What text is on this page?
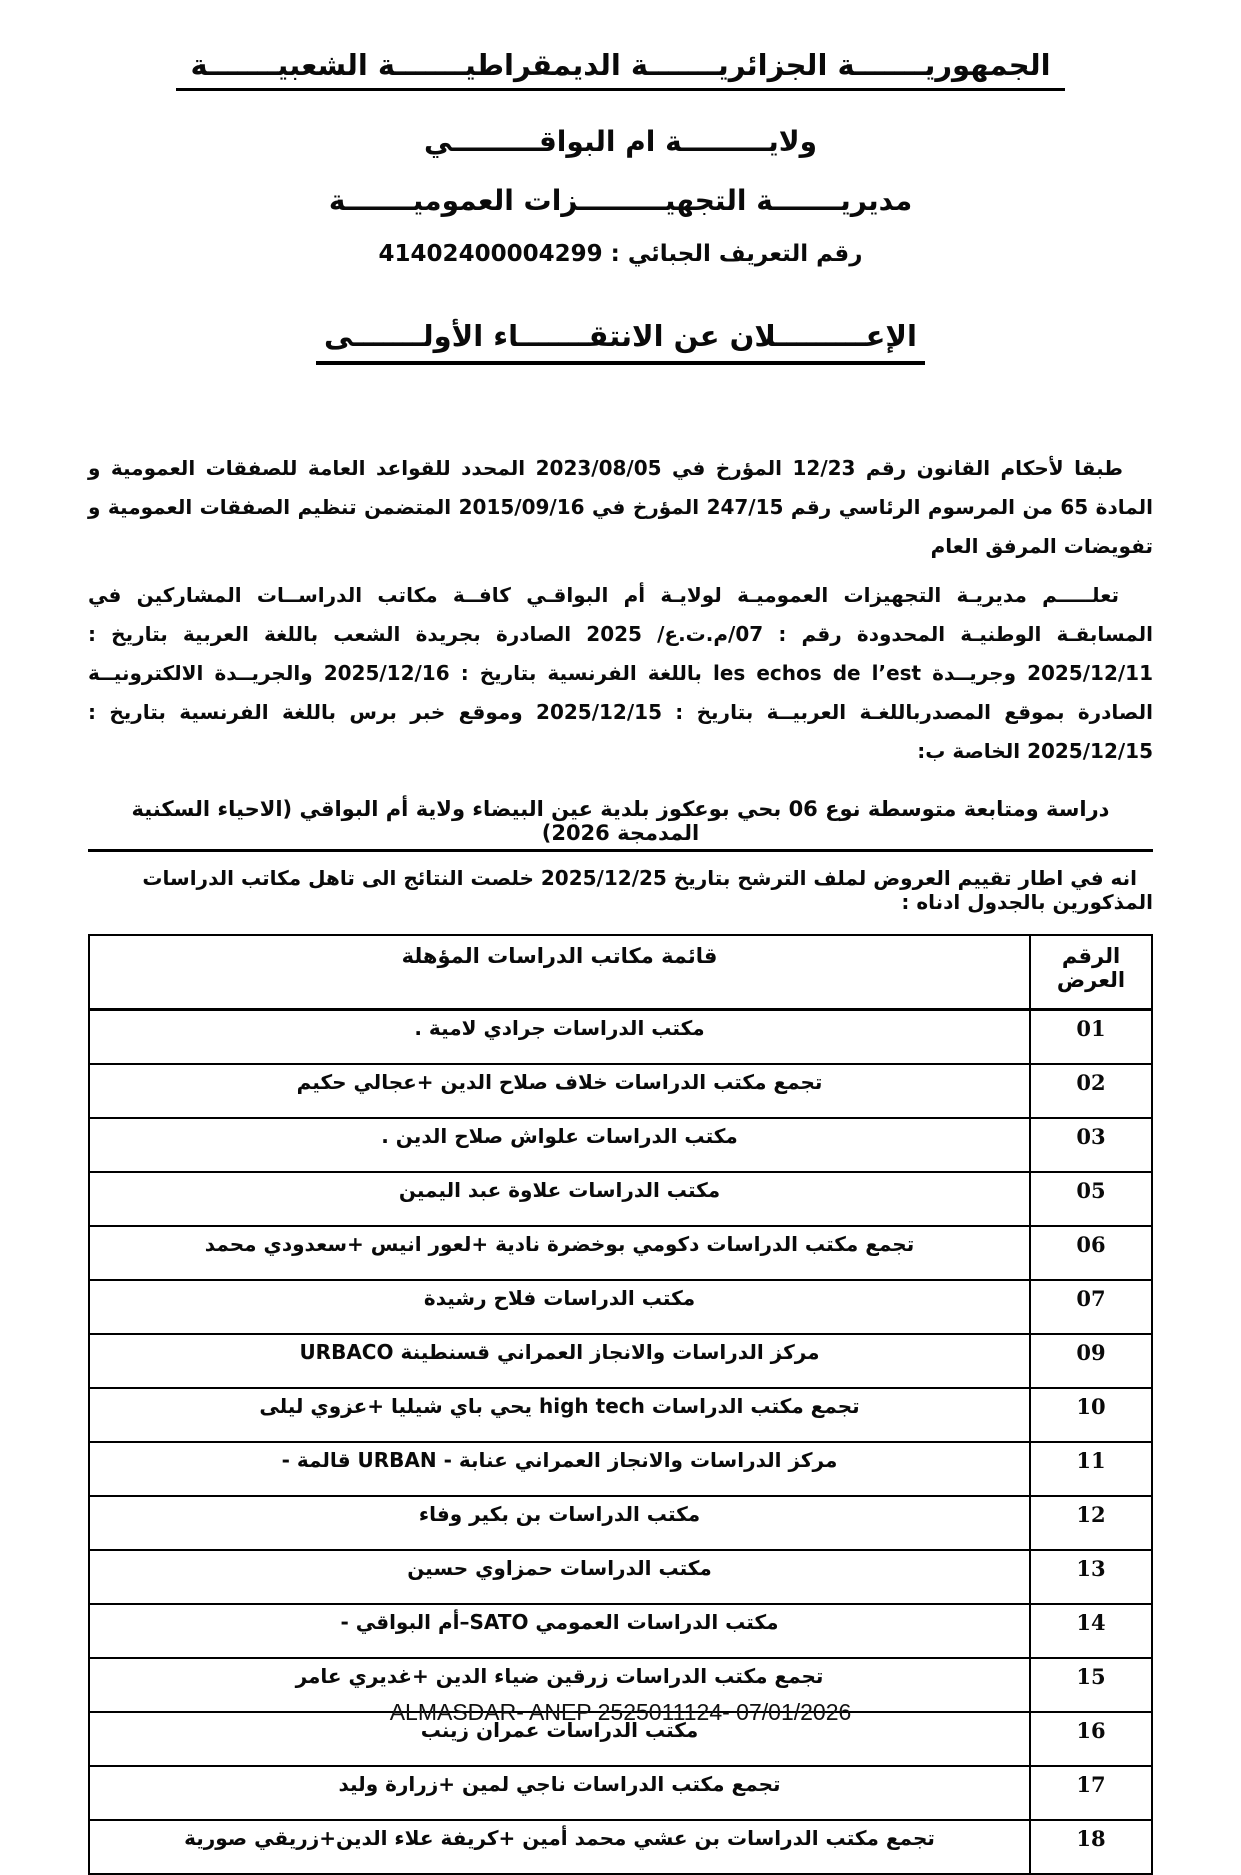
الجمهوريـــــــة الجزائريـــــــة الديمقراطيـــــــة الشعبيـــــــة
ولايـــــــــة ام البواقـــــــــي
مديريـــــــة التجهيـــــــــزات العموميـــــــة
رقم التعريف الجبائي : 41402400004299
الإعـــــــــلان عن الانتقـــــــاء الأولـــــــى

طبقا لأحكام القانون رقم 12/23 المؤرخ في 2023/08/05 المحدد للقواعد العامة للصفقات العمومية و المادة 65 من المرسوم الرئاسي رقم 247/15 المؤرخ في 2015/09/16 المتضمن تنظيم الصفقات العمومية و تفويضات المرفق العام

تعلـــــم مديريـة التجهيزات العموميـة لولايـة أم البواقـي كافــة مكاتب الدراســات المشاركين في المسابقـة الوطنيـة المحدودة رقم : 07/م.ت.ع/ 2025 الصادرة بجريدة الشعب باللغة العربية بتاريخ : 2025/12/11 وجريــدة les echos de l’est باللغة الفرنسية بتاريخ : 2025/12/16 والجريــدة الالكترونيــة الصادرة بموقع المصدرباللغـة العربيــة بتاريخ : 2025/12/15 وموقع خبر برس باللغة الفرنسية بتاريخ : 2025/12/15 الخاصة ب:

دراسة ومتابعة متوسطة نوع 06 بحي بوعكوز بلدية عين البيضاء ولاية أم البواقي (الاحياء السكنية المدمجة 2026)

انه في اطار تقييم العروض لملف الترشح بتاريخ 2025/12/25 خلصت النتائج الى تاهل مكاتب الدراسات المذكورين بالجدول ادناه :

الرقم العرض	قائمة مكاتب الدراسات المؤهلة
01	مكتب الدراسات جرادي لامية .
02	تجمع مكتب الدراسات خلاف صلاح الدين +عجالي حكيم
03	مكتب الدراسات علواش صلاح الدين .
05	مكتب الدراسات علاوة عبد اليمين
06	تجمع مكتب الدراسات دكومي بوخضرة نادية +لعور انيس +سعدودي محمد
07	مكتب الدراسات فلاح رشيدة
09	مركز الدراسات والانجاز العمراني قسنطينة URBACO
10	تجمع مكتب الدراسات high tech يحي باي شيليا +عزوي ليلى
11	مركز الدراسات والانجاز العمراني عنابة - URBAN قالمة -
12	مكتب الدراسات بن بكير وفاء
13	مكتب الدراسات حمزاوي حسين
14	مكتب الدراسات العمومي SATO–أم البواقي -
15	تجمع مكتب الدراسات زرقين ضياء الدين +غديري عامر
16	مكتب الدراسات عمران زينب
17	تجمع مكتب الدراسات ناجي لمين +زرارة وليد
18	تجمع مكتب الدراسات بن عشي محمد أمين +كريفة علاء الدين+زريقي صورية
ALMASDAR- ANEP 2525011124- 07/01/2026
